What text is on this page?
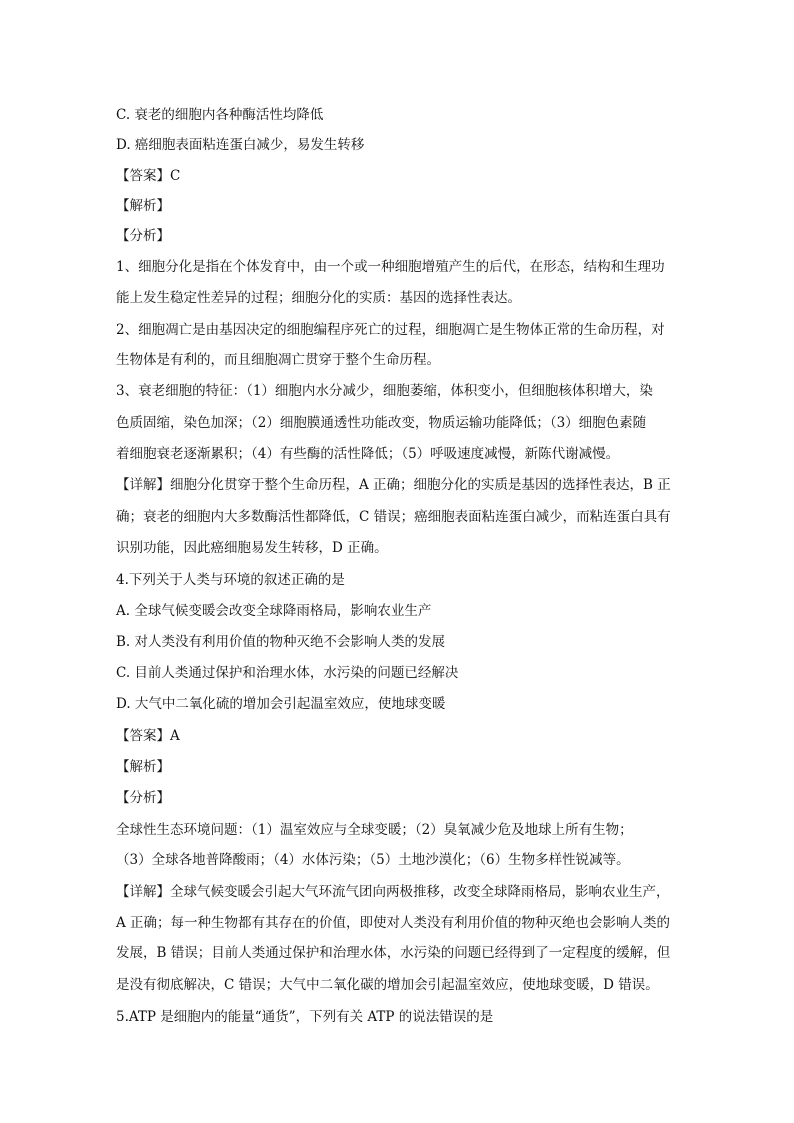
C. 衰老的细胞内各种酶活性均降低
D. 癌细胞表面粘连蛋白减少，易发生转移
【答案】C
【解析】
【分析】
1、细胞分化是指在个体发育中，由一个或一种细胞增殖产生的后代，在形态，结构和生理功
能上发生稳定性差异的过程；细胞分化的实质：基因的选择性表达。
2、细胞凋亡是由基因决定的细胞编程序死亡的过程，细胞凋亡是生物体正常的生命历程，对
生物体是有利的，而且细胞凋亡贯穿于整个生命历程。
3、衰老细胞的特征：（1）细胞内水分减少，细胞萎缩，体积变小，但细胞核体积增大，染
色质固缩，染色加深；（2）细胞膜通透性功能改变，物质运输功能降低；（3）细胞色素随
着细胞衰老逐渐累积；（4）有些酶的活性降低；（5）呼吸速度减慢，新陈代谢减慢。
【详解】细胞分化贯穿于整个生命历程，A 正确；细胞分化的实质是基因的选择性表达，B 正
确；衰老的细胞内大多数酶活性都降低，C 错误；癌细胞表面粘连蛋白减少，而粘连蛋白具有
识别功能，因此癌细胞易发生转移，D 正确。
4.下列关于人类与环境的叙述正确的是
A. 全球气候变暖会改变全球降雨格局，影响农业生产
B. 对人类没有利用价值的物种灭绝不会影响人类的发展
C. 目前人类通过保护和治理水体，水污染的问题已经解决
D. 大气中二氧化硫的增加会引起温室效应，使地球变暖
【答案】A
【解析】
【分析】
全球性生态环境问题：（1）温室效应与全球变暖；（2）臭氧减少危及地球上所有生物；
（3）全球各地普降酸雨；（4）水体污染；（5）土地沙漠化；（6）生物多样性锐减等。
【详解】全球气候变暖会引起大气环流气团向两极推移，改变全球降雨格局，影响农业生产，
A 正确；每一种生物都有其存在的价值，即使对人类没有利用价值的物种灭绝也会影响人类的
发展，B 错误；目前人类通过保护和治理水体，水污染的问题已经得到了一定程度的缓解，但
是没有彻底解决，C 错误；大气中二氧化碳的增加会引起温室效应，使地球变暖，D 错误。
5.ATP 是细胞内的能量“通货”，下列有关 ATP 的说法错误的是
